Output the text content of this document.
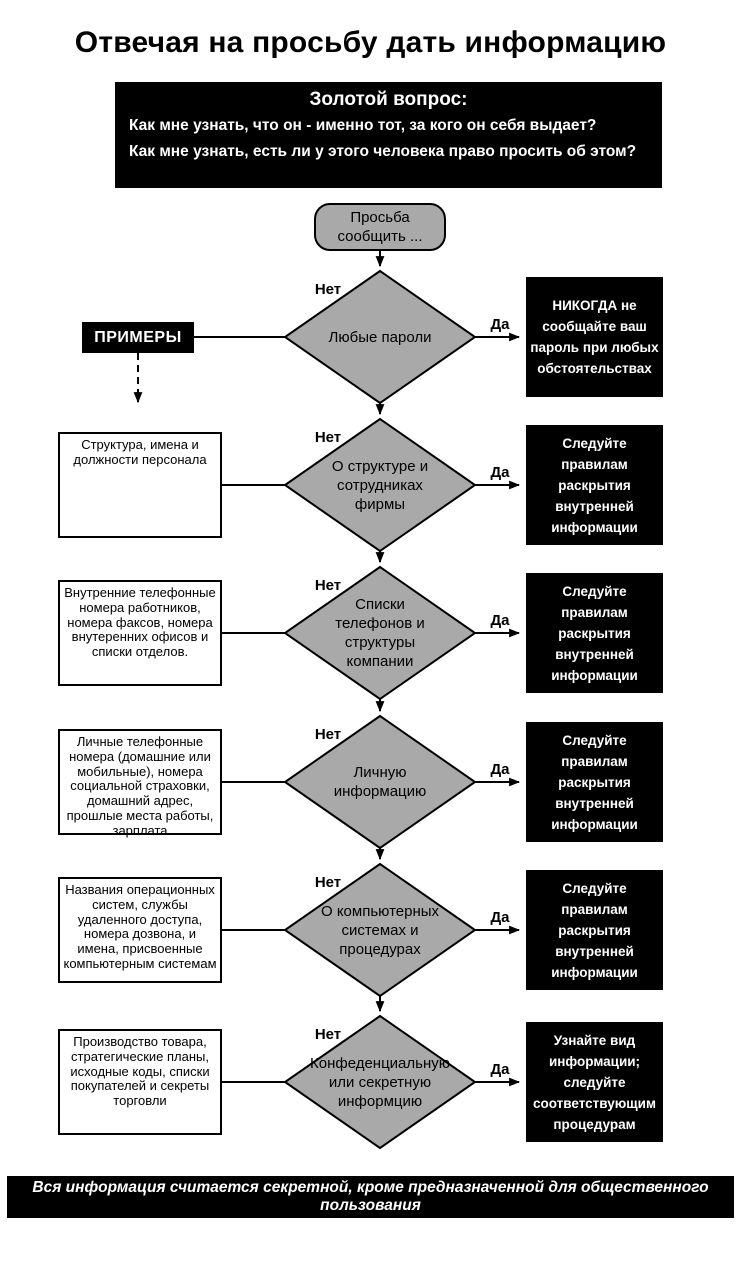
Отвечая на просьбу дать информацию
Золотой вопрос:
Как мне узнать, что он - именно тот, за кого он себя выдает?
Как мне узнать, есть ли у этого человека право просить об этом?
Просьба сообщить ...
ПРИМЕРЫ
Нет
Любые пароли
Да
НИКОГДА не сообщайте ваш пароль при любых обстоятельствах
Структура, имена и должности персонала
Нет
О структуре и сотрудниках фирмы
Да
Следуйте правилам раскрытия внутренней информации
Внутренние телефонные номера работников, номера факсов, номера внутеренних офисов и списки отделов.
Нет
Списки телефонов и структуры компании
Да
Следуйте правилам раскрытия внутренней информации
Личные телефонные номера (домашние или мобильные), номера социальной страховки, домашний адрес, прошлые места работы, зарплата
Нет
Личную информацию
Да
Следуйте правилам раскрытия внутренней информации
Названия операционных систем, службы удаленного доступа, номера дозвона, и имена, присвоенные компьютерным системам
Нет
О компьютерных системах и процедурах
Да
Следуйте правилам раскрытия внутренней информации
Производство товара, стратегические планы, исходные коды, списки покупателей и секреты торговли
Нет
Конфеденциальную или секретную информцию
Да
Узнайте вид информации; следуйте соответствующим процедурам
Вся информация считается секретной, кроме предназначенной для общественного пользования
